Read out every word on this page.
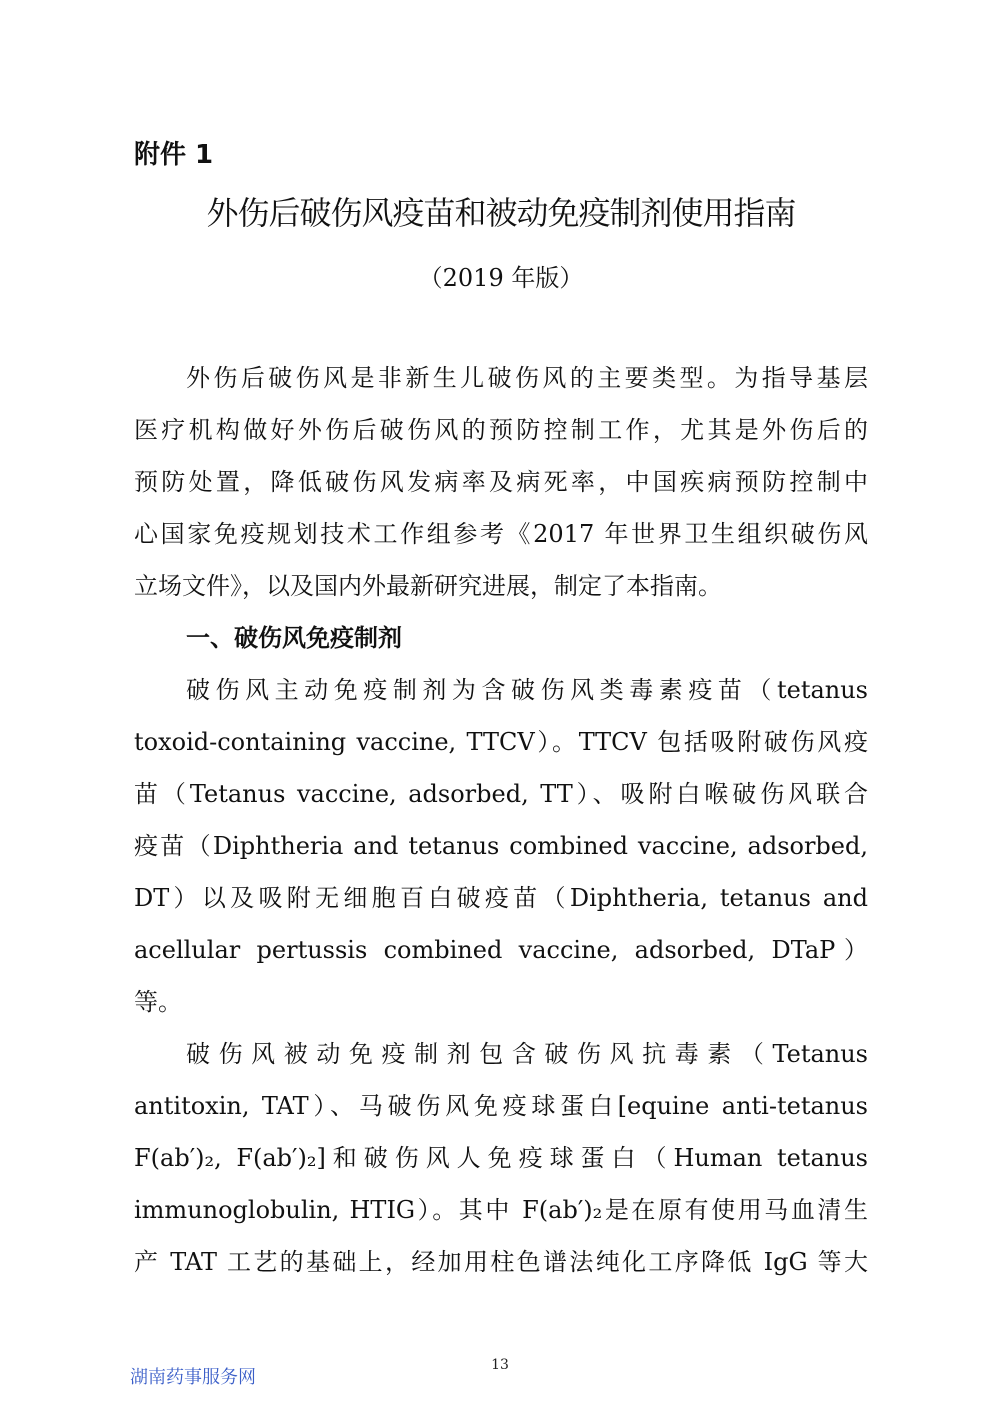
附件 1
外伤后破伤风疫苗和被动免疫制剂使用指南
（2019 年版）
外伤后破伤风是非新生儿破伤风的主要类型。为指导基层
医疗机构做好外伤后破伤风的预防控制工作，尤其是外伤后的
预防处置，降低破伤风发病率及病死率，中国疾病预防控制中
心国家免疫规划技术工作组参考《2017 年世界卫生组织破伤风
立场文件》，以及国内外最新研究进展，制定了本指南。
一、破伤风免疫制剂
破伤风主动免疫制剂为含破伤风类毒素疫苗（tetanus
toxoid-containing vaccine, TTCV）。TTCV 包括吸附破伤风疫
苗（Tetanus vaccine, adsorbed, TT）、吸附白喉破伤风联合
疫苗（Diphtheria and tetanus combined vaccine, adsorbed,
DT）以及吸附无细胞百白破疫苗（Diphtheria, tetanus and
acellular pertussis combined vaccine, adsorbed, DTaP）
等。
破伤风被动免疫制剂包含破伤风抗毒素（Tetanus
antitoxin, TAT）、马破伤风免疫球蛋白[equine anti-tetanus
F(ab′)₂, F(ab′)₂]和破伤风人免疫球蛋白（Human tetanus
immunoglobulin, HTIG）。其中 F(ab′)₂是在原有使用马血清生
产 TAT 工艺的基础上，经加用柱色谱法纯化工序降低 IgG 等大
13
湖南药事服务网
